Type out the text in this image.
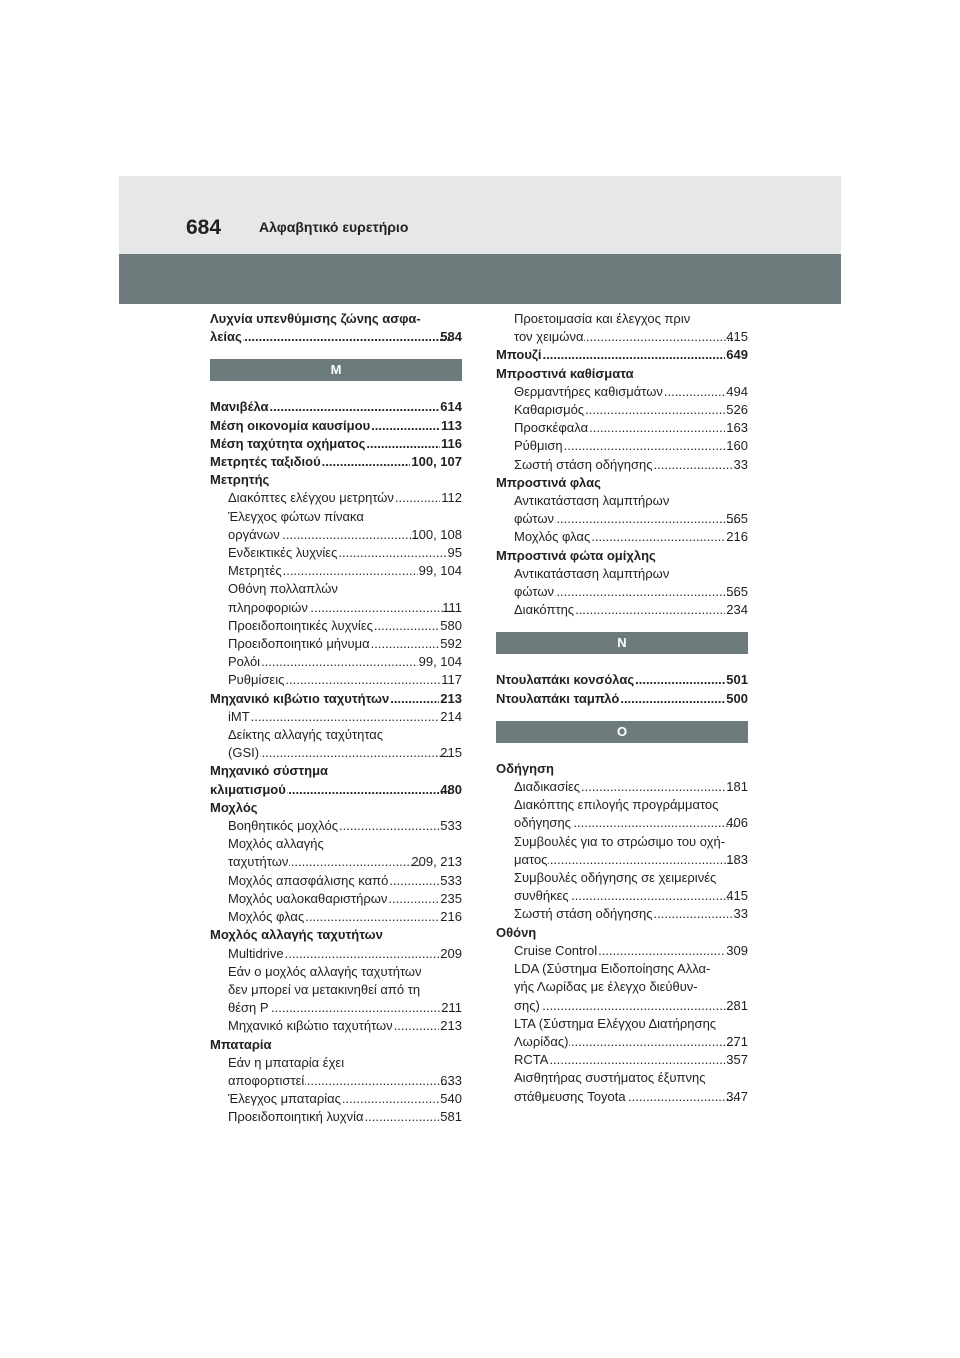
684	Αλφαβητικό ευρετήριο
Λυχνία υπενθύμισης ζώνης ασφα-
λείας .....	584
Μ
Μανιβέλα .....	614
Μέση οικονομία καυσίμου .....	113
Μέση ταχύτητα οχήματος .....	116
Μετρητές ταξιδιού .....	100, 107
Μετρητής
Διακόπτες ελέγχου μετρητών .....	112
Έλεγχος φώτων πίνακα
οργάνων .....	100, 108
Ενδεικτικές λυχνίες .....	95
Μετρητές .....	99, 104
Οθόνη πολλαπλών
πληροφοριών .....	111
Προειδοποιητικές λυχνίες .....	580
Προειδοποιητικό μήνυμα .....	592
Ρολόι .....	99, 104
Ρυθμίσεις .....	117
Μηχανικό κιβώτιο ταχυτήτων .....	213
iMT .....	214
Δείκτης αλλαγής ταχύτητας
(GSI) .....	215
Μηχανικό σύστημα
κλιματισμού .....	480
Μοχλός
Βοηθητικός μοχλός .....	533
Μοχλός αλλαγής
ταχυτήτων .....	209, 213
Μοχλός απασφάλισης καπό .....	533
Μοχλός υαλοκαθαριστήρων .....	235
Μοχλός φλας .....	216
Μοχλός αλλαγής ταχυτήτων
Multidrive .....	209
Εάν ο μοχλός αλλαγής ταχυτήτων
δεν μπορεί να μετακινηθεί από τη
θέση P .....	211
Μηχανικό κιβώτιο ταχυτήτων .....	213
Μπαταρία
Εάν η μπαταρία έχει
αποφορτιστεί .....	633
Έλεγχος μπαταρίας .....	540
Προειδοποιητική λυχνία .....	581
Προετοιμασία και έλεγχος πριν
τον χειμώνα .....	415
Μπουζί .....	649
Μπροστινά καθίσματα
Θερμαντήρες καθισμάτων .....	494
Καθαρισμός .....	526
Προσκέφαλα .....	163
Ρύθμιση .....	160
Σωστή στάση οδήγησης .....	33
Μπροστινά φλας
Αντικατάσταση λαμπτήρων
φώτων .....	565
Μοχλός φλας .....	216
Μπροστινά φώτα ομίχλης
Αντικατάσταση λαμπτήρων
φώτων .....	565
Διακόπτης .....	234
Ν
Ντουλαπάκι κονσόλας .....	501
Ντουλαπάκι ταμπλό .....	500
Ο
Οδήγηση
Διαδικασίες .....	181
Διακόπτης επιλογής προγράμματος
οδήγησης .....	406
Συμβουλές για το στρώσιμο του οχή-
ματος .....	183
Συμβουλές οδήγησης σε χειμερινές
συνθήκες .....	415
Σωστή στάση οδήγησης .....	33
Οθόνη
Cruise Control .....	309
LDA (Σύστημα Ειδοποίησης Αλλα-
γής Λωρίδας με έλεγχο διεύθυν-
σης) .....	281
LTA (Σύστημα Ελέγχου Διατήρησης
Λωρίδας) .....	271
RCTA .....	357
Αισθητήρας συστήματος έξυπνης
στάθμευσης Toyota .....	347
